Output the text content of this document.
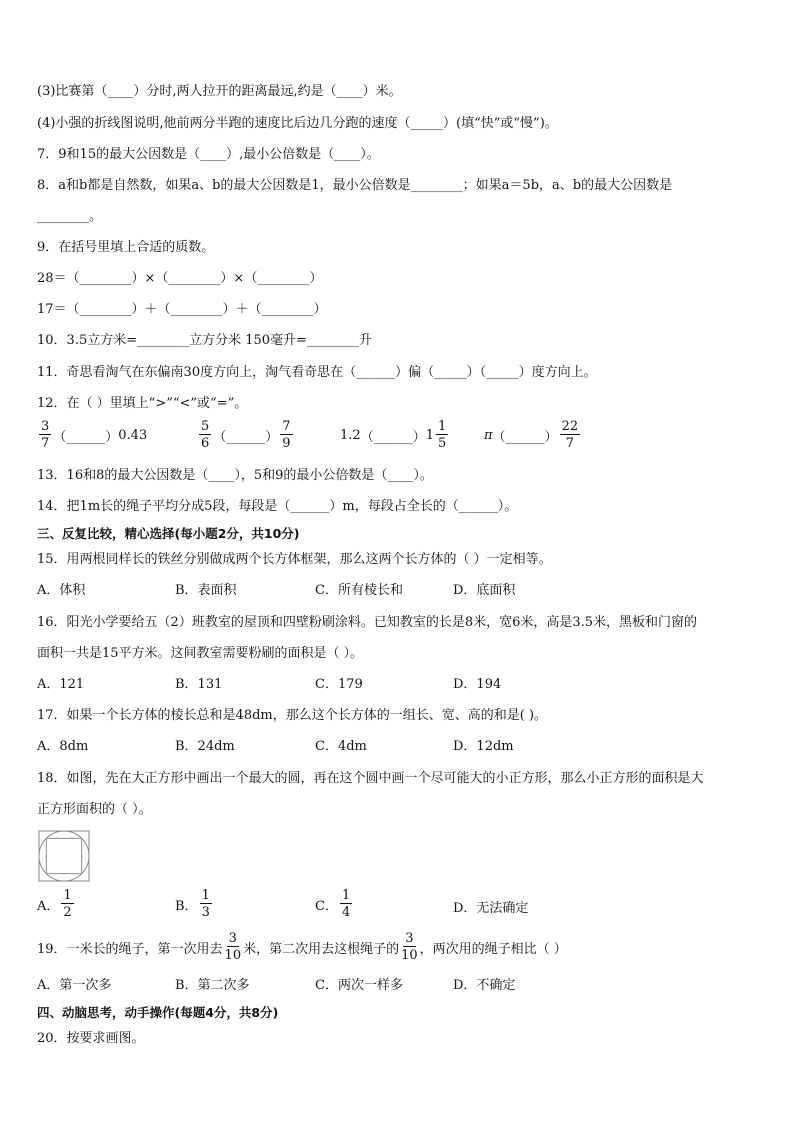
(3)比赛第（____）分时,两人拉开的距离最远,约是（____）米。
(4)小强的折线图说明,他前两分半跑的速度比后边几分跑的速度（_____）(填“快”或“慢”)。
7．9和15的最大公因数是（____）,最小公倍数是（____）。
8．a和b都是自然数，如果a、b的最大公因数是1，最小公倍数是________；如果a＝5b，a、b的最大公因数是
________。
9．在括号里填上合适的质数。
28＝（________）×（________）×（________）
17＝（________）＋（________）＋（________）
10．3.5立方米=________立方分米 150毫升=________升
11．奇思看淘气在东偏南30度方向上，淘气看奇思在（______）偏（_____）（_____）度方向上。
12．在（ ）里填上“>”“<”或“=”。
$\frac{3}{7}$ （______） 0.43	$\frac{5}{6}$ （______） $\frac{7}{9}$	1.2 （______） $1 \frac{1}{5}$	π （______） $\frac{22}{7}$
13．16和8的最大公因数是（____），5和9的最小公倍数是（____）。
14．把1m长的绳子平均分成5段，每段是（______）m，每段占全长的（______）。
三、反复比较，精心选择(每小题2分，共10分)
15．用两根同样长的铁丝分别做成两个长方体框架，那么这两个长方体的（ ）一定相等。
A．体积	B．表面积	C．所有棱长和	D．底面积
16．阳光小学要给五（2）班教室的屋顶和四壁粉刷涂料。已知教室的长是8米，宽6米，高是3.5米，黑板和门窗的
面积一共是15平方米。这间教室需要粉刷的面积是（ ）。
A．121	B．131	C．179	D．194
17．如果一个长方体的棱长总和是48dm，那么这个长方体的一组长、宽、高的和是( )。
A．8dm	B．24dm	C．4dm	D．12dm
18．如图，先在大正方形中画出一个最大的圆，再在这个圆中画一个尽可能大的小正方形，那么小正方形的面积是大
正方形面积的（ ）。
A． $\frac{1}{2}$	B． $\frac{1}{3}$	C． $\frac{1}{4}$	D．无法确定
19．一米长的绳子，第一次用去 $\frac{3}{10}$ 米，第二次用去这根绳子的 $\frac{3}{10}$ ，两次用的绳子相比（ ）
A．第一次多	B．第二次多	C．两次一样多	D．不确定
四、动脑思考，动手操作(每题4分，共8分)
20．按要求画图。
